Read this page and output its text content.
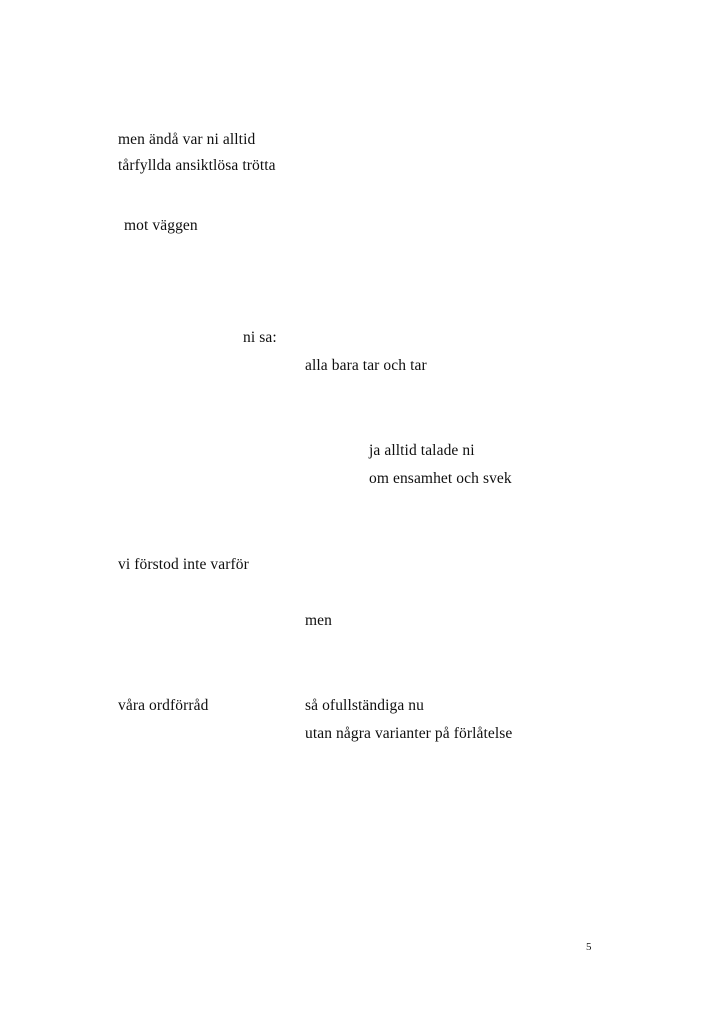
men ändå var ni alltid
tårfyllda ansiktlösa trötta
mot väggen
ni sa:
alla bara tar och tar
ja alltid talade ni
om ensamhet och svek
vi förstod inte varför
men
våra ordförråd	så ofullständiga nu
utan några varianter på förlåtelse
5
